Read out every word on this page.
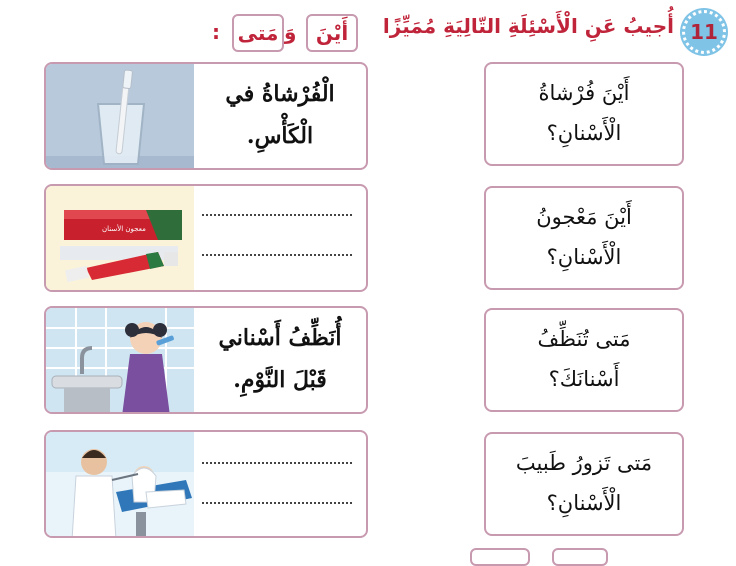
11
أُجيبُ عَنِ الْأَسْئِلَةِ التّالِيَةِ مُمَيِّزًا
أَيْنَ
وَ
مَتى
:
أَيْنَ فُرْشاةُ
الْأَسْنانِ؟
الْفُرْشاةُ في
الْكَأْسِ.
أَيْنَ مَعْجونُ
الْأَسْنانِ؟
معجون الأسنان
مَتى تُنَظِّفُ
أَسْنانَكَ؟
أُنَظِّفُ أَسْناني
قَبْلَ النَّوْمِ.
مَتى تَزورُ طَبيبَ
الْأَسْنانِ؟
